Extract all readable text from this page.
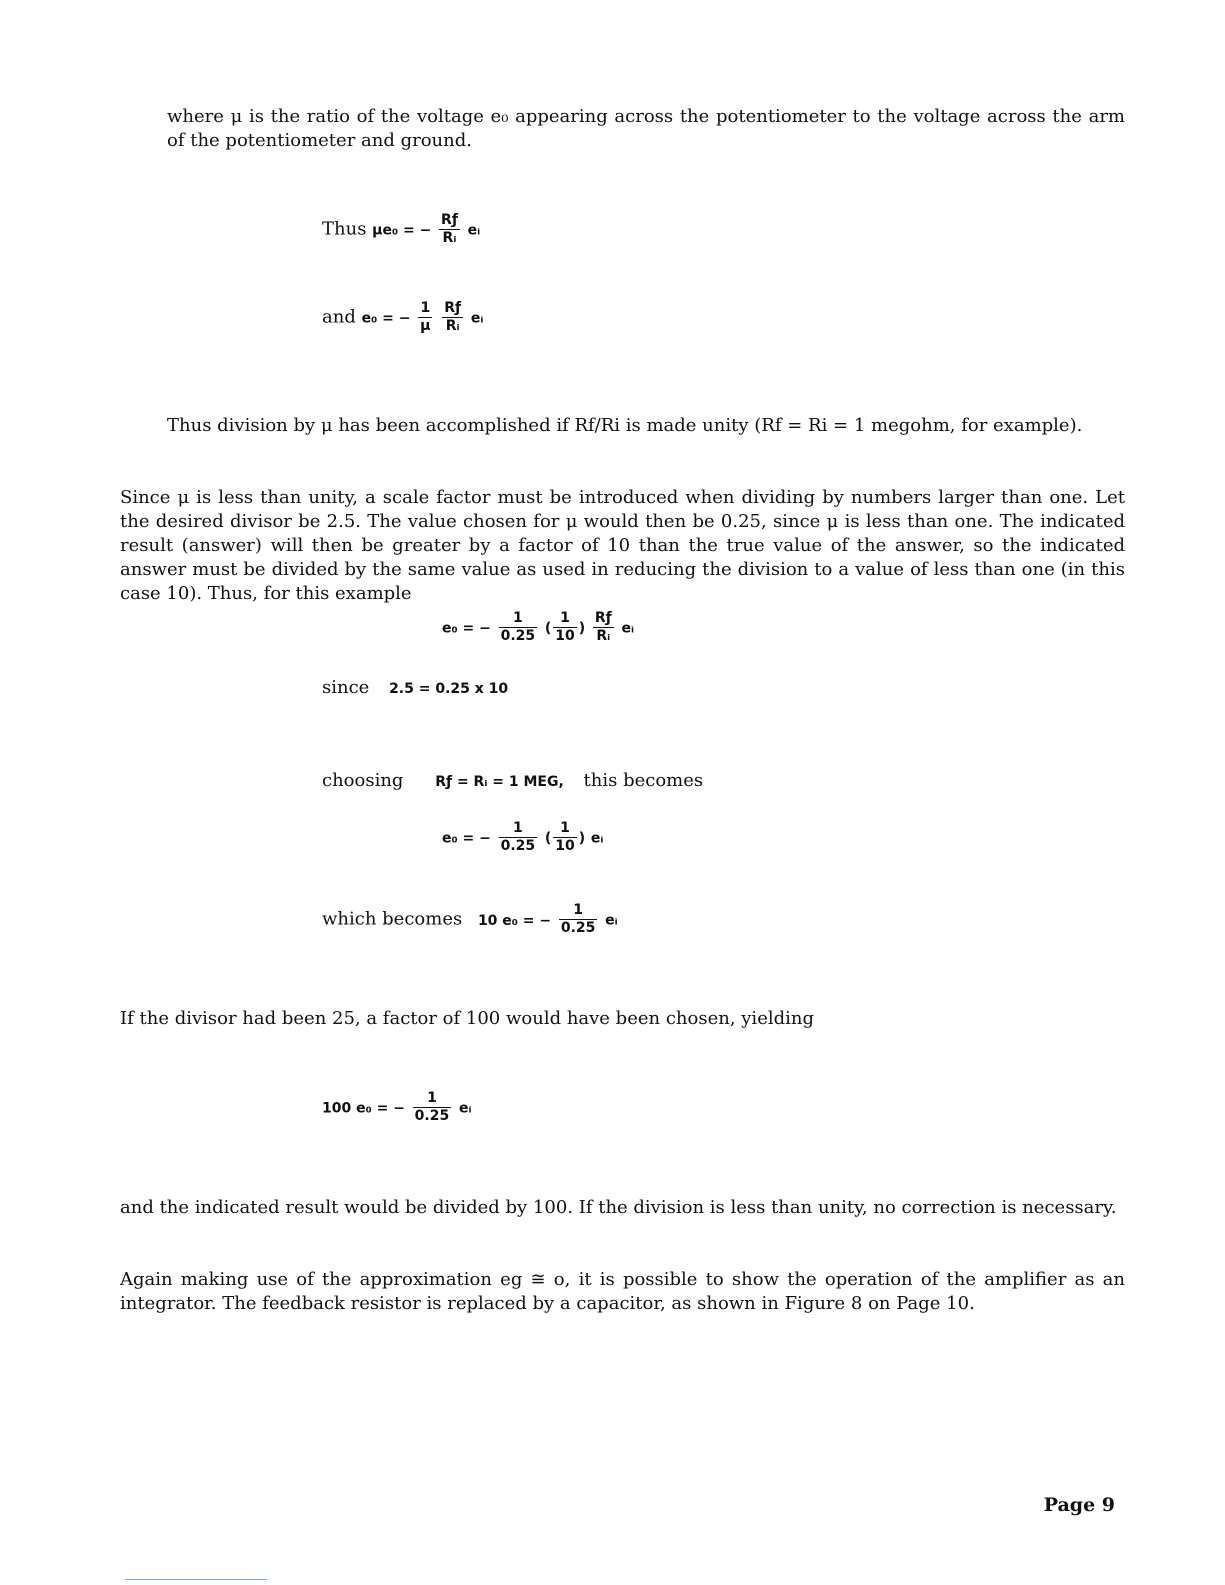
where μ is the ratio of the voltage e₀ appearing across the potentiometer to the voltage across the arm of the potentiometer and ground.
Thus μe₀ = − $\frac{Rƒ}{\text{Rᵢ}}$ eᵢ
and e₀ = − $\frac{1}{\mu}$
$\frac{Rƒ}{\text{Rᵢ}}$ eᵢ
Thus division by μ has been accomplished if Rf/Ri is made unity (Rf = Ri = 1 megohm, for example).
Since μ is less than unity, a scale factor must be introduced when dividing by numbers larger than one. Let the desired divisor be 2.5. The value chosen for μ would then be 0.25, since μ is less than one. The indicated result (answer) will then be greater by a factor of 10 than the true value of the answer, so the indicated answer must be divided by the same value as used in reducing the division to a value of less than one (in this case 10). Thus, for this example
e₀ = − $\frac{1}{0.25}$ ( $\frac{1}{10}$ ) $\frac{Rƒ}{\text{Rᵢ}}$ eᵢ
since 2.5 = 0.25 x 10
choosing Rƒ = Rᵢ = 1 MEG, this becomes
e₀ = − $\frac{1}{0.25}$ ( $\frac{1}{10}$ ) eᵢ
which becomes 10 e₀ = − $\frac{1}{0.25}$ eᵢ
If the divisor had been 25, a factor of 100 would have been chosen, yielding
100 e₀ = − $\frac{1}{0.25}$ eᵢ
and the indicated result would be divided by 100. If the division is less than unity, no correction is necessary.
Again making use of the approximation eg ≅ o, it is possible to show the operation of the amplifier as an integrator. The feedback resistor is replaced by a capacitor, as shown in Figure 8 on Page 10.
Page 9
